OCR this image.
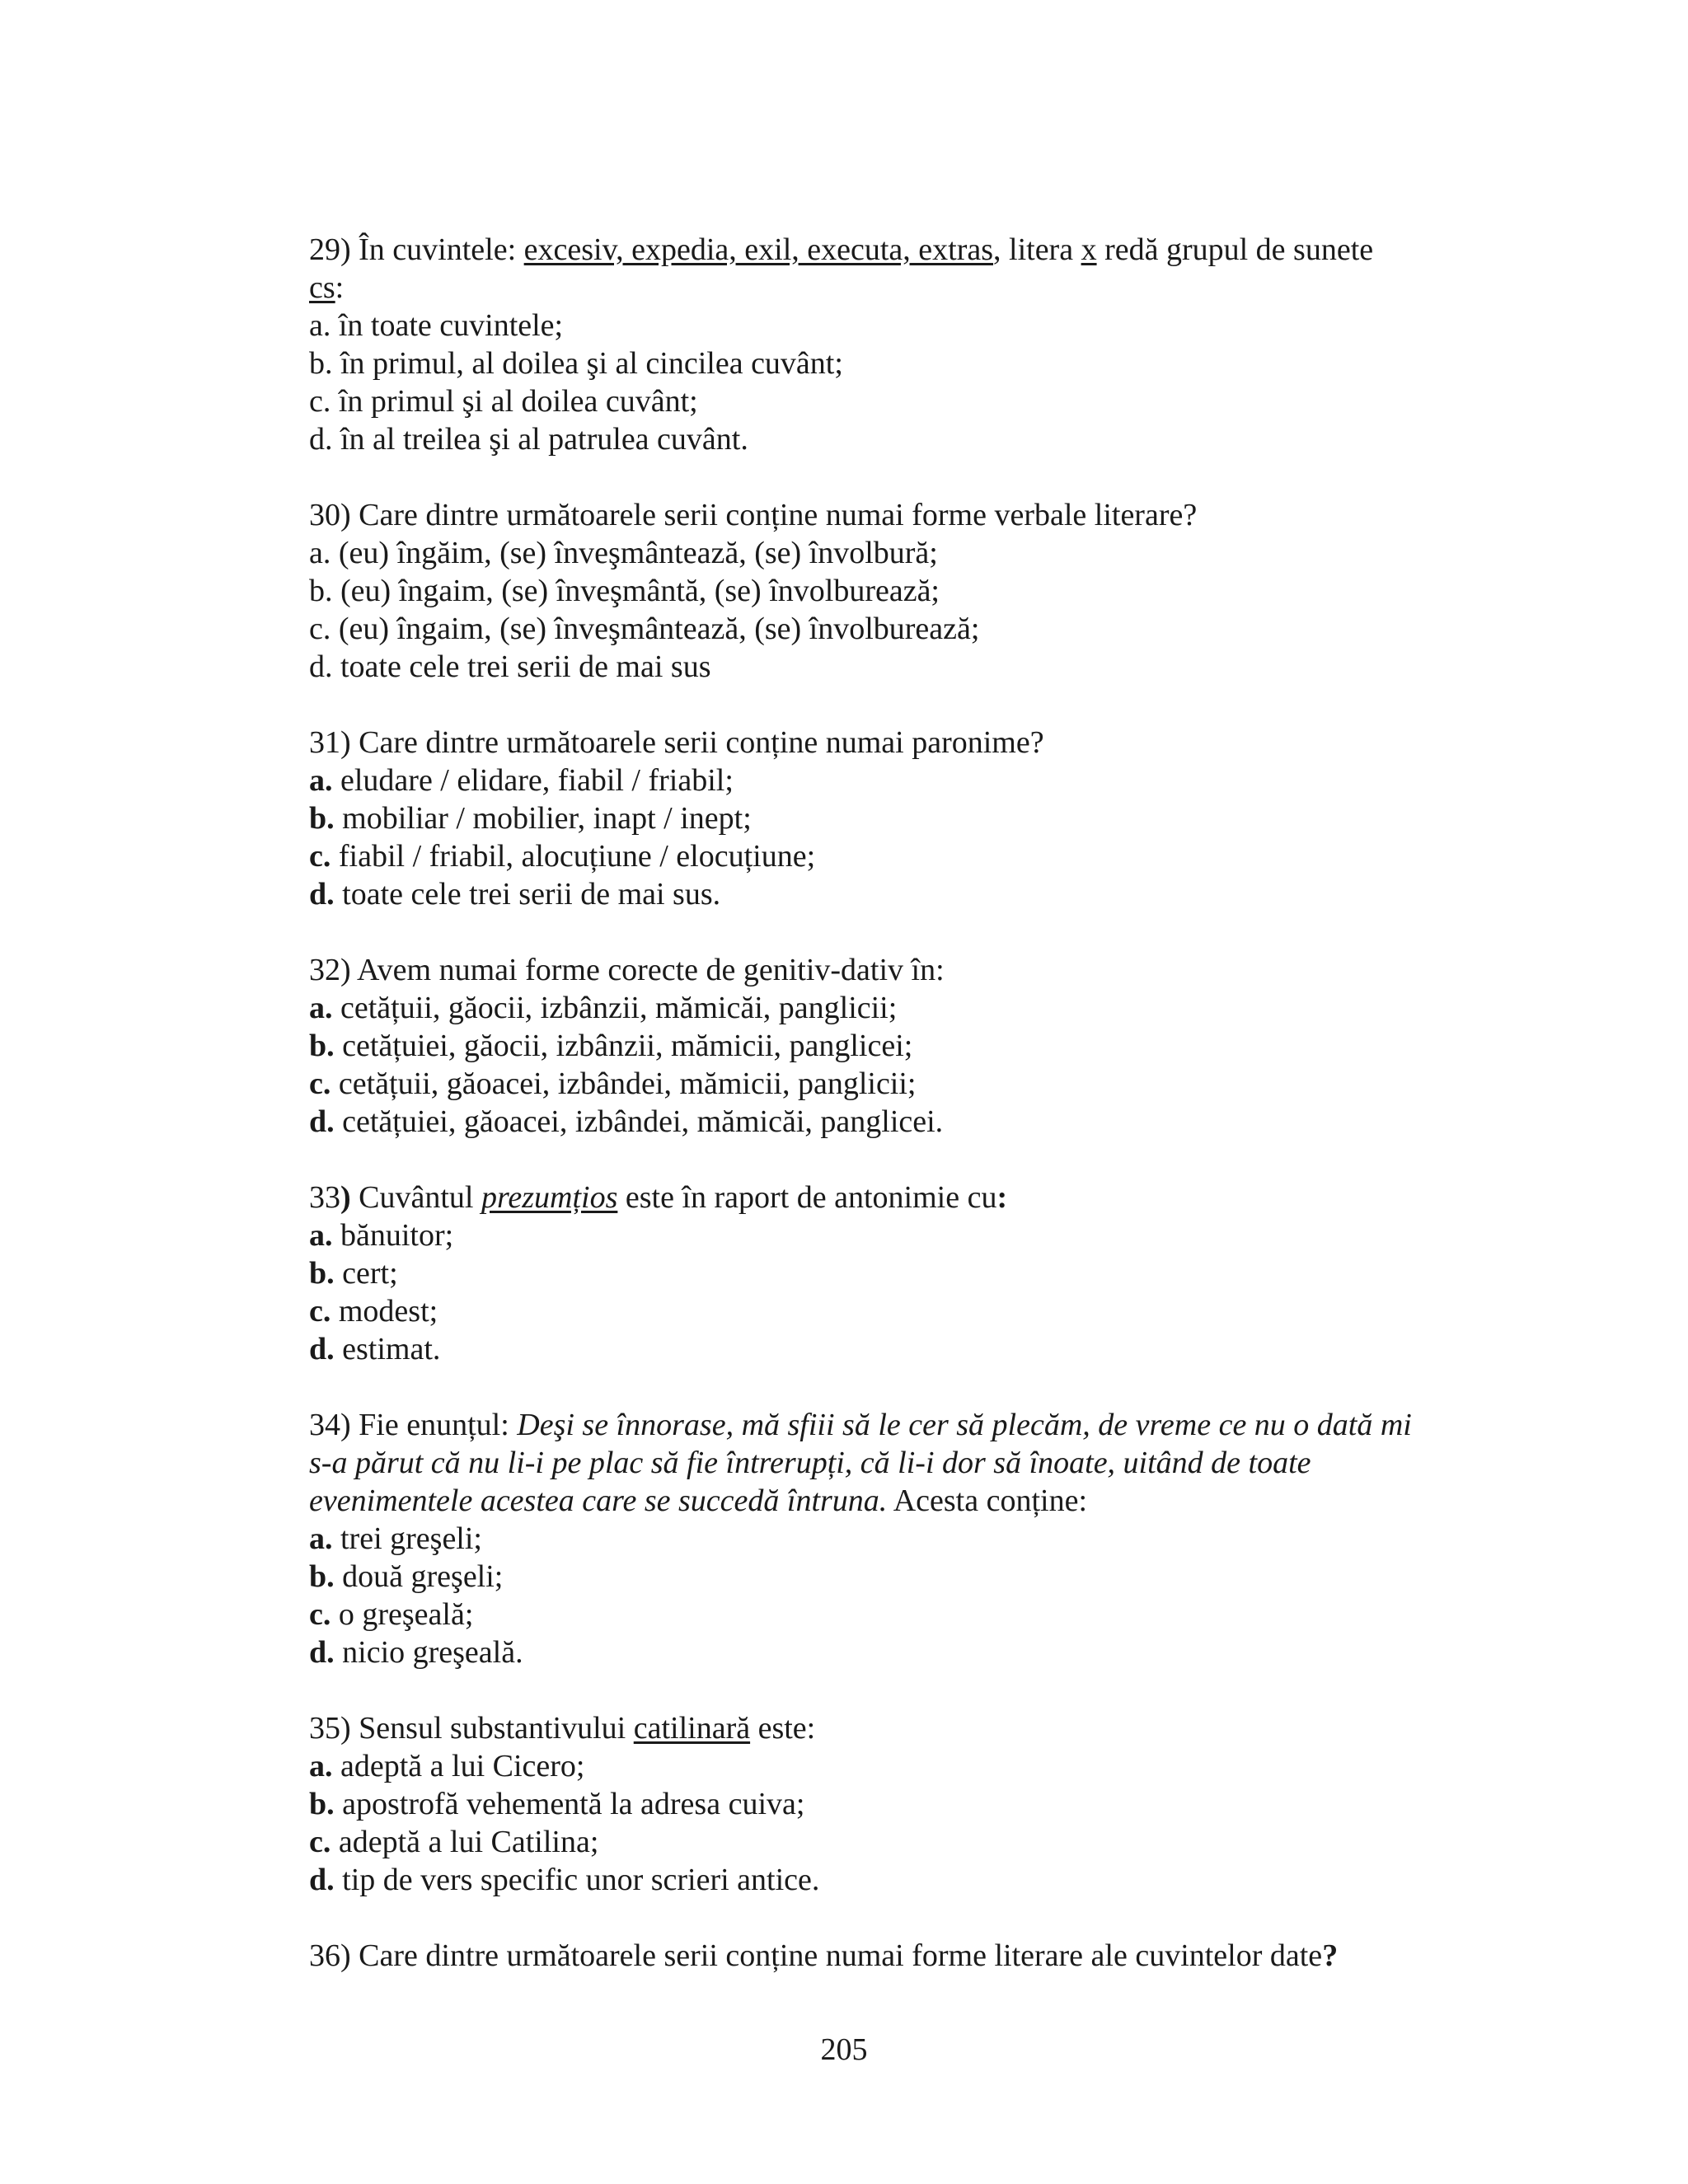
29) În cuvintele: excesiv, expedia, exil, executa, extras, litera x redă grupul de sunete

cs:

a. în toate cuvintele;

b. în primul, al doilea şi al cincilea cuvânt;

c. în primul şi al doilea cuvânt;

d. în al treilea şi al patrulea cuvânt.

30) Care dintre următoarele serii conține numai forme verbale literare?

a. (eu) îngăim, (se) înveşmântează, (se) învolbură;

b. (eu) îngaim, (se) înveşmântă, (se) învolburează;

c. (eu) îngaim, (se) înveşmântează, (se) învolburează;

d. toate cele trei serii de mai sus

31) Care dintre următoarele serii conține numai paronime?

a. eludare / elidare, fiabil / friabil;

b. mobiliar / mobilier, inapt / inept;

c. fiabil / friabil, alocuțiune / elocuțiune;

d. toate cele trei serii de mai sus.

32) Avem numai forme corecte de genitiv-dativ în:

a. cetățuii, găocii, izbânzii, mămicăi, panglicii;

b. cetățuiei, găocii, izbânzii, mămicii, panglicei;

c. cetățuii, găoacei, izbândei, mămicii, panglicii;

d. cetățuiei, găoacei, izbândei, mămicăi, panglicei.

33) Cuvântul prezumțios este în raport de antonimie cu:

a. bănuitor;

b. cert;

c. modest;

d. estimat.

34) Fie enunțul: Deşi se înnorase, mă sfiii să le cer să plecăm, de vreme ce nu o dată mi

s-a părut că nu li-i pe plac să fie întrerupți, că li-i dor să înoate, uitând de toate

evenimentele acestea care se succedă întruna. Acesta conține:

a. trei greşeli;

b. două greşeli;

c. o greşeală;

d. nicio greşeală.

35) Sensul substantivului catilinară este:

a. adeptă a lui Cicero;

b. apostrofă vehementă la adresa cuiva;

c. adeptă a lui Catilina;

d. tip de vers specific unor scrieri antice.

36) Care dintre următoarele serii conține numai forme literare ale cuvintelor date?

205
